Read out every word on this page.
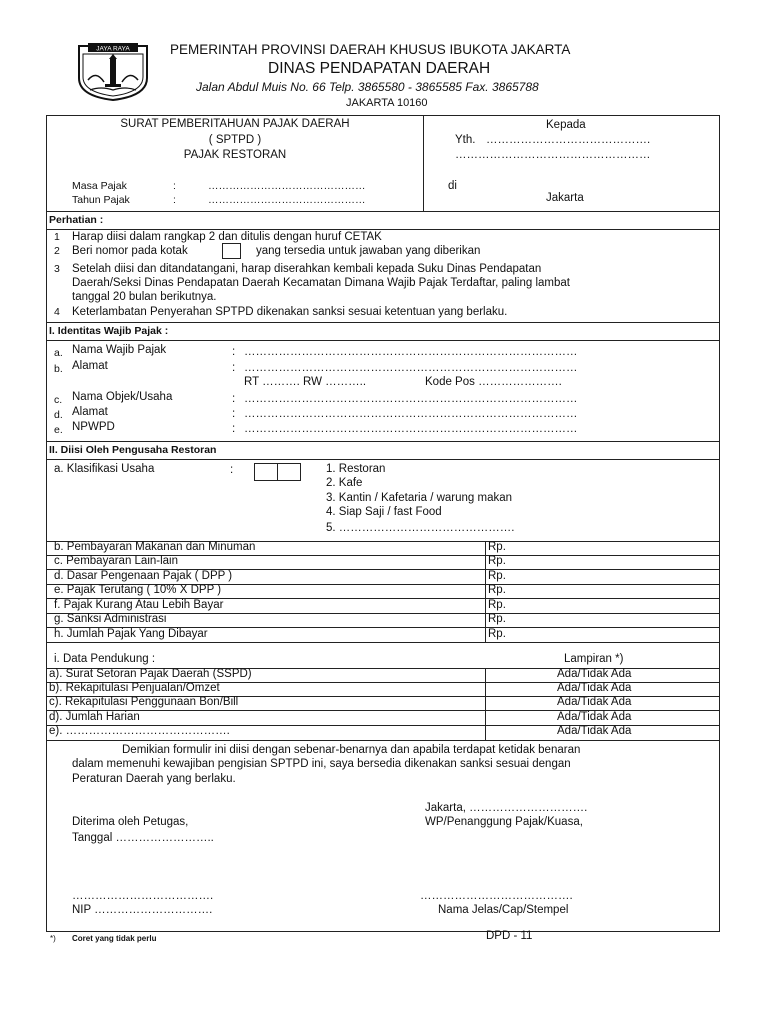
JAYA RAYA	PEMERINTAH PROVINSI DAERAH KHUSUS IBUKOTA JAKARTA
DINAS PENDAPATAN DAERAH
Jalan Abdul Muis No. 66 Telp. 3865580 - 3865585 Fax. 3865788
JAKARTA 10160
SURAT PEMBERITAHUAN PAJAK DAERAH
( SPTPD )
PAJAK RESTORAN
Masa Pajak	:	………………………………………
Tahun Pajak	:	………………………………………
Kepada
Yth. …………………………………….
……………………………………………
di
Jakarta
Perhatian :
1 Harap diisi dalam rangkap 2 dan ditulis dengan huruf CETAK
2 Beri nomor pada kotak	yang tersedia untuk jawaban yang diberikan
3 Setelah diisi dan ditandatangani, harap diserahkan kembali kepada Suku Dinas Pendapatan
Daerah/Seksi Dinas Pendapatan Daerah Kecamatan Dimana Wajib Pajak Terdaftar, paling lambat
tanggal 20 bulan berikutnya.
4 Keterlambatan Penyerahan SPTPD dikenakan sanksi sesuai ketentuan yang berlaku.
I. Identitas Wajib Pajak :
a. Nama Wajib Pajak	: ……………………………………………………………………………
b. Alamat	: ……………………………………………………………………………
RT ………. RW ………..	Kode Pos ………………….
c. Nama Objek/Usaha	: ……………………………………………………………………………
d. Alamat	: ……………………………………………………………………………
e. NPWPD	: ……………………………………………………………………………
II. Diisi Oleh Pengusaha Restoran
a. Klasifikasi Usaha	:	1. Restoran
2. Kafe
3. Kantin / Kafetaria / warung makan
4. Siap Saji / fast Food
5. ……………………………………….
b. Pembayaran Makanan dan Minuman	Rp.
c. Pembayaran Lain-lain	Rp.
d. Dasar Pengenaan Pajak ( DPP )	Rp.
e. Pajak Terutang ( 10% X DPP )	Rp.
f. Pajak Kurang Atau Lebih Bayar	Rp.
g. Sanksi Administrasi	Rp.
h. Jumlah Pajak Yang Dibayar	Rp.
i. Data Pendukung :	Lampiran *)
a). Surat Setoran Pajak Daerah (SSPD)	Ada/Tidak Ada
b). Rekapitulasi Penjualan/Omzet	Ada/Tidak Ada
c). Rekapitulasi Penggunaan Bon/Bill	Ada/Tidak Ada
d). Jumlah Harian	Ada/Tidak Ada
e). …………………………………….	Ada/Tidak Ada
Demikian formulir ini diisi dengan sebenar-benarnya dan apabila terdapat ketidak benaran
dalam memenuhi kewajiban pengisian SPTPD ini, saya bersedia dikenakan sanksi sesuai dengan
Peraturan Daerah yang berlaku.
Jakarta, ………………………….
Diterima oleh Petugas,	WP/Penanggung Pajak/Kuasa,
Tanggal ……………………..
……………………………….	………………………………….
NIP ………………………….	Nama Jelas/Cap/Stempel
*) Coret yang tidak perlu	DPD - 11
